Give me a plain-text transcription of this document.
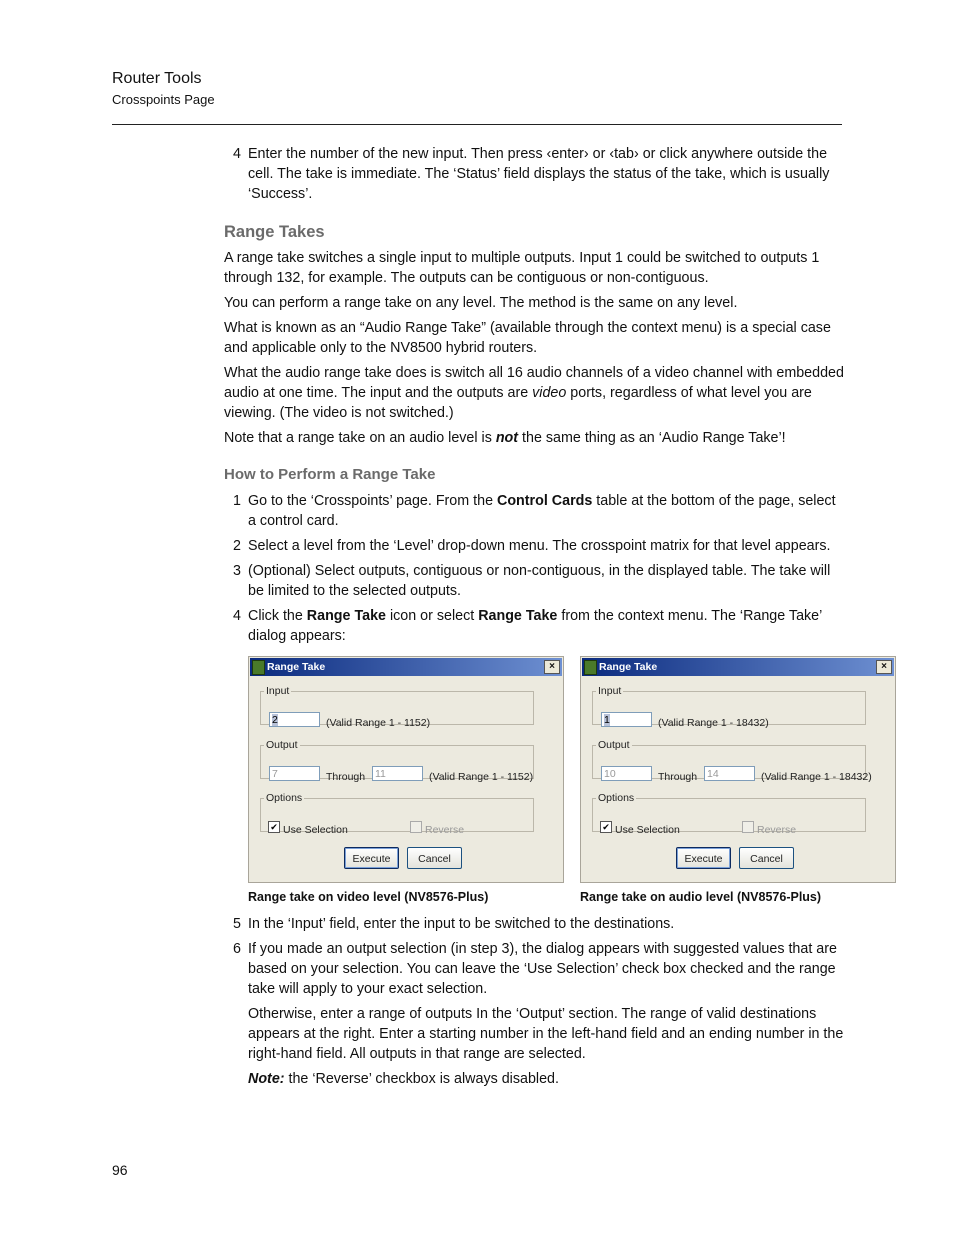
Router Tools
Crosspoints Page
4 Enter the number of the new input. Then press ‹enter› or ‹tab› or click anywhere outside the cell. The take is immediate. The ‘Status’ field displays the status of the take, which is usually ‘Success’.

Range Takes

A range take switches a single input to multiple outputs. Input 1 could be switched to outputs 1 through 132, for example. The outputs can be contiguous or non-contiguous.

You can perform a range take on any level. The method is the same on any level.

What is known as an “Audio Range Take” (available through the context menu) is a special case and applicable only to the NV8500 hybrid routers.

What the audio range take does is switch all 16 audio channels of a video channel with embedded audio at one time. The input and the outputs are video ports, regardless of what level you are viewing. (The video is not switched.)

Note that a range take on an audio level is not the same thing as an ‘Audio Range Take’!

How to Perform a Range Take
1 Go to the ‘Crosspoints’ page. From the Control Cards table at the bottom of the page, select a control card.

2 Select a level from the ‘Level’ drop-down menu. The crosspoint matrix for that level appears.

3 (Optional) Select outputs, contiguous or non-contiguous, in the displayed table. The take will be limited to the selected outputs.

4 Click the Range Take icon or select Range Take from the context menu. The ‘Range Take’ dialog appears:

Range Take	×
Input
2	(Valid Range 1 - 1152)
Output
7	Through 11	(Valid Range 1 - 1152)
Options
✔ Use Selection	Reverse
Execute	Cancel
Range take on video level (NV8576-Plus)
Range Take	×
Input
1	(Valid Range 1 - 18432)
Output
10	Through 14	(Valid Range 1 - 18432)
Options
✔ Use Selection	Reverse
Execute	Cancel
Range take on audio level (NV8576-Plus)
5 In the ‘Input’ field, enter the input to be switched to the destinations.

6 If you made an output selection (in step 3), the dialog appears with suggested values that are based on your selection. You can leave the ‘Use Selection’ check box checked and the range take will apply to your exact selection.

Otherwise, enter a range of outputs In the ‘Output’ section. The range of valid destinations appears at the right. Enter a starting number in the left-hand field and an ending number in the right-hand field. All outputs in that range are selected.

Note: the ‘Reverse’ checkbox is always disabled.

96
